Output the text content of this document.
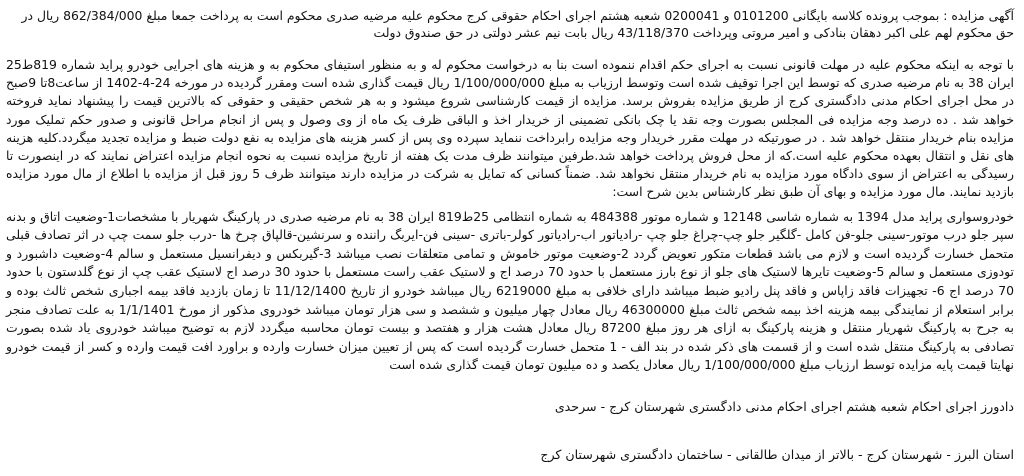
آگهی مزایده : بموجب پرونده کلاسه بایگانی 0101200 و 0200041 شعبه هشتم اجرای احکام حقوقی کرج محکوم علیه مرضیه صدری محکوم است به پرداخت جمعا مبلغ 862/384/000 ریال در
حق محکوم لهم علی اکبر دهقان بنادکی و امیر مروتی وپرداخت 43/118/370 ریال بابت نیم عشر دولتی در حق صندوق دولت
با توجه به اینکه محکوم علیه در مهلت قانونی نسبت به اجرای حکم اقدام ننموده است بنا به درخواست محکوم له و به منظور استیفای محکوم به و هزینه های اجرایی خودرو پراید شماره 819ط25 ایران 38 به نام مرضیه صدری که توسط این اجرا توقیف شده است وتوسط ارزیاب به مبلغ 1/100/000/000 ریال قیمت گذاری شده است ومقرر گردیده در مورخه 24-4-1402 از ساعت8تا 9صبح در محل اجرای احکام مدنی دادگستری کرج از طریق مزایده بفروش برسد. مزایده از قیمت کارشناسی شروع میشود و به هر شخص حقیقی و حقوقی که بالاترین قیمت را پیشنهاد نماید فروخته خواهد شد . ده درصد وجه مزایده فی المجلس بصورت وجه نقد یا چک بانکی تضمینی از خریدار اخذ و الباقی ظرف یک ماه از وی وصول و پس از انجام مراحل قانونی و صدور حکم تملیک مورد مزایده بنام خریدار منتقل خواهد شد . در صورتیکه در مهلت مقرر خریدار وجه مزایده رابرداخت ننماید سپرده وی پس از کسر هزینه های مزایده به نفع دولت ضبط و مزایده تجدید میگردد.کلیه هزینه های نقل و انتقال بعهده محکوم علیه است.که از محل فروش پرداخت خواهد شد.طرفین میتوانند ظرف مدت یک هفته از تاریخ مزایده نسبت به نحوه انجام مزایده اعتراض نمایند که در اینصورت تا رسیدگی به اعتراض از سوی دادگاه مورد مزایده به نام خریدار منتقل نخواهد شد. ضمناً کسانی که تمایل به شرکت در مزایده دارند میتوانند ظرف 5 روز قبل از مزایده با اطلاع از مال مورد مزایده بازدید نمایند. مال مورد مزایده و بهای آن طبق نظر کارشناس بدین شرح است:
خودروسواری پراید مدل 1394 به شماره شاسی 12148 و شماره موتور 484388 به شماره انتظامی 25ط819 ایران 38 به نام مرضیه صدری در پارکینگ شهریار با مشخصات1-وضعیت اتاق و بدنه سپر جلو درب موتور-سینی جلو-فن کامل -گلگیر جلو چپ-چراغ جلو چپ -رادیاتور اب-رادیاتور کولر-باتری -سینی فن-ایربگ راننده و سرنشین-قالپاق چرخ ها -درب جلو سمت چپ در اثر تصادف قبلی متحمل خسارت گردیده است و لازم می باشد قطعات متکور تعویض گردد 2-وضعیت موتور خاموش و تمامی متعلقات نصب میباشد 3-گیربکس و دیفرانسیل مستعمل و سالم 4-وضعیت داشبورد و تودوزی مستعمل و سالم 5-وضعیت تایرها لاستیک های جلو از نوع بارز مستعمل با حدود 70 درصد اج و لاستیک عقب راست مستعمل با حدود 30 درصد اج لاستیک عقب چپ از نوع گلدستون با حدود 70 درصد اج 6- تجهیزات فاقد زاپاس و فاقد پنل رادیو ضبط میباشد دارای خلافی به مبلغ 6219000 ریال میباشد خودرو از تاریخ 11/12/1400 تا زمان بازدید فاقد بیمه اجباری شخص ثالث بوده و برابر استعلام از نمایندگی بیمه هزینه اخذ بیمه شخص ثالث مبلغ 46300000 ریال معادل چهار میلیون و ششصد و سی هزار تومان میباشد خودروی مذکور از مورخ 1/1/1401 به علت تصادف منجر به جرح به پارکینگ شهریار منتقل و هزینه پارکینگ به ازای هر روز مبلغ 87200 ریال معادل هشت هزار و هفتصد و بیست تومان محاسبه میگردد لازم به توضیح میباشد خودروی یاد شده بصورت تصادفی به پارکینگ منتقل شده است و از قسمت های ذکر شده در بند الف - 1 متحمل خسارت گردیده است که پس از تعیین میزان خسارت وارده و براورد افت قیمت وارده و کسر از قیمت خودرو نهایتا قیمت پایه مزایده توسط ارزیاب مبلغ 1/100/000/000 ریال معادل یکصد و ده میلیون تومان قیمت گذاری شده است
دادورز اجرای احکام شعبه هشتم اجرای احکام مدنی دادگستری شهرستان کرج - سرحدی
استان البرز - شهرستان کرج - بالاتر از میدان طالقانی - ساختمان دادگستری شهرستان کرج
